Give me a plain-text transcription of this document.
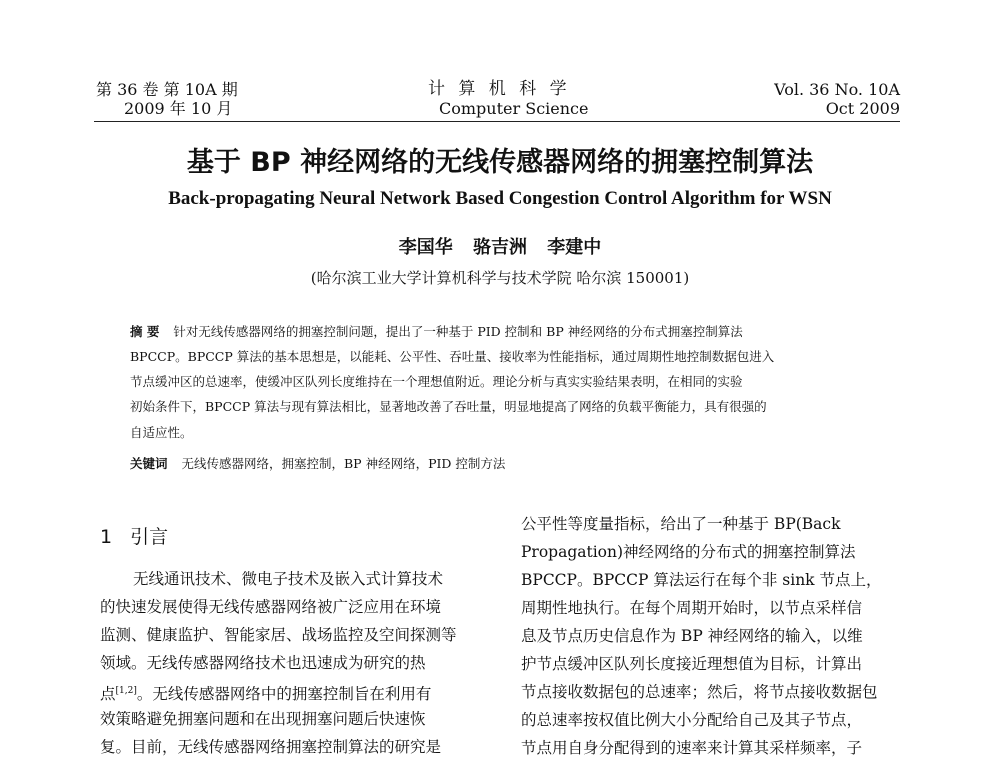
第 36 卷 第 10A 期
2009 年 10 月
计 算 机 科 学
Computer Science
Vol. 36 No. 10A
Oct 2009
基于 BP 神经网络的无线传感器网络的拥塞控制算法
Back-propagating Neural Network Based Congestion Control Algorithm for WSN
李国华 骆吉洲 李建中
(哈尔滨工业大学计算机科学与技术学院 哈尔滨 150001)
摘 要 针对无线传感器网络的拥塞控制问题，提出了一种基于 PID 控制和 BP 神经网络的分布式拥塞控制算法
BPCCP。BPCCP 算法的基本思想是，以能耗、公平性、吞吐量、接收率为性能指标，通过周期性地控制数据包进入
节点缓冲区的总速率，使缓冲区队列长度维持在一个理想值附近。理论分析与真实实验结果表明，在相同的实验
初始条件下，BPCCP 算法与现有算法相比，显著地改善了吞吐量，明显地提高了网络的负载平衡能力，具有很强的
自适应性。
关键词 无线传感器网络，拥塞控制，BP 神经网络，PID 控制方法
1 引言
无线通讯技术、微电子技术及嵌入式计算技术
的快速发展使得无线传感器网络被广泛应用在环境
监测、健康监护、智能家居、战场监控及空间探测等
领域。无线传感器网络技术也迅速成为研究的热
点[1,2]。无线传感器网络中的拥塞控制旨在利用有
效策略避免拥塞问题和在出现拥塞问题后快速恢
复。目前，无线传感器网络拥塞控制算法的研究是
公平性等度量指标，给出了一种基于 BP(Back
Propagation)神经网络的分布式的拥塞控制算法
BPCCP。BPCCP 算法运行在每个非 sink 节点上，
周期性地执行。在每个周期开始时，以节点采样信
息及节点历史信息作为 BP 神经网络的输入，以维
护节点缓冲区队列长度接近理想值为目标，计算出
节点接收数据包的总速率；然后，将节点接收数据包
的总速率按权值比例大小分配给自己及其子节点，
节点用自身分配得到的速率来计算其采样频率，子
